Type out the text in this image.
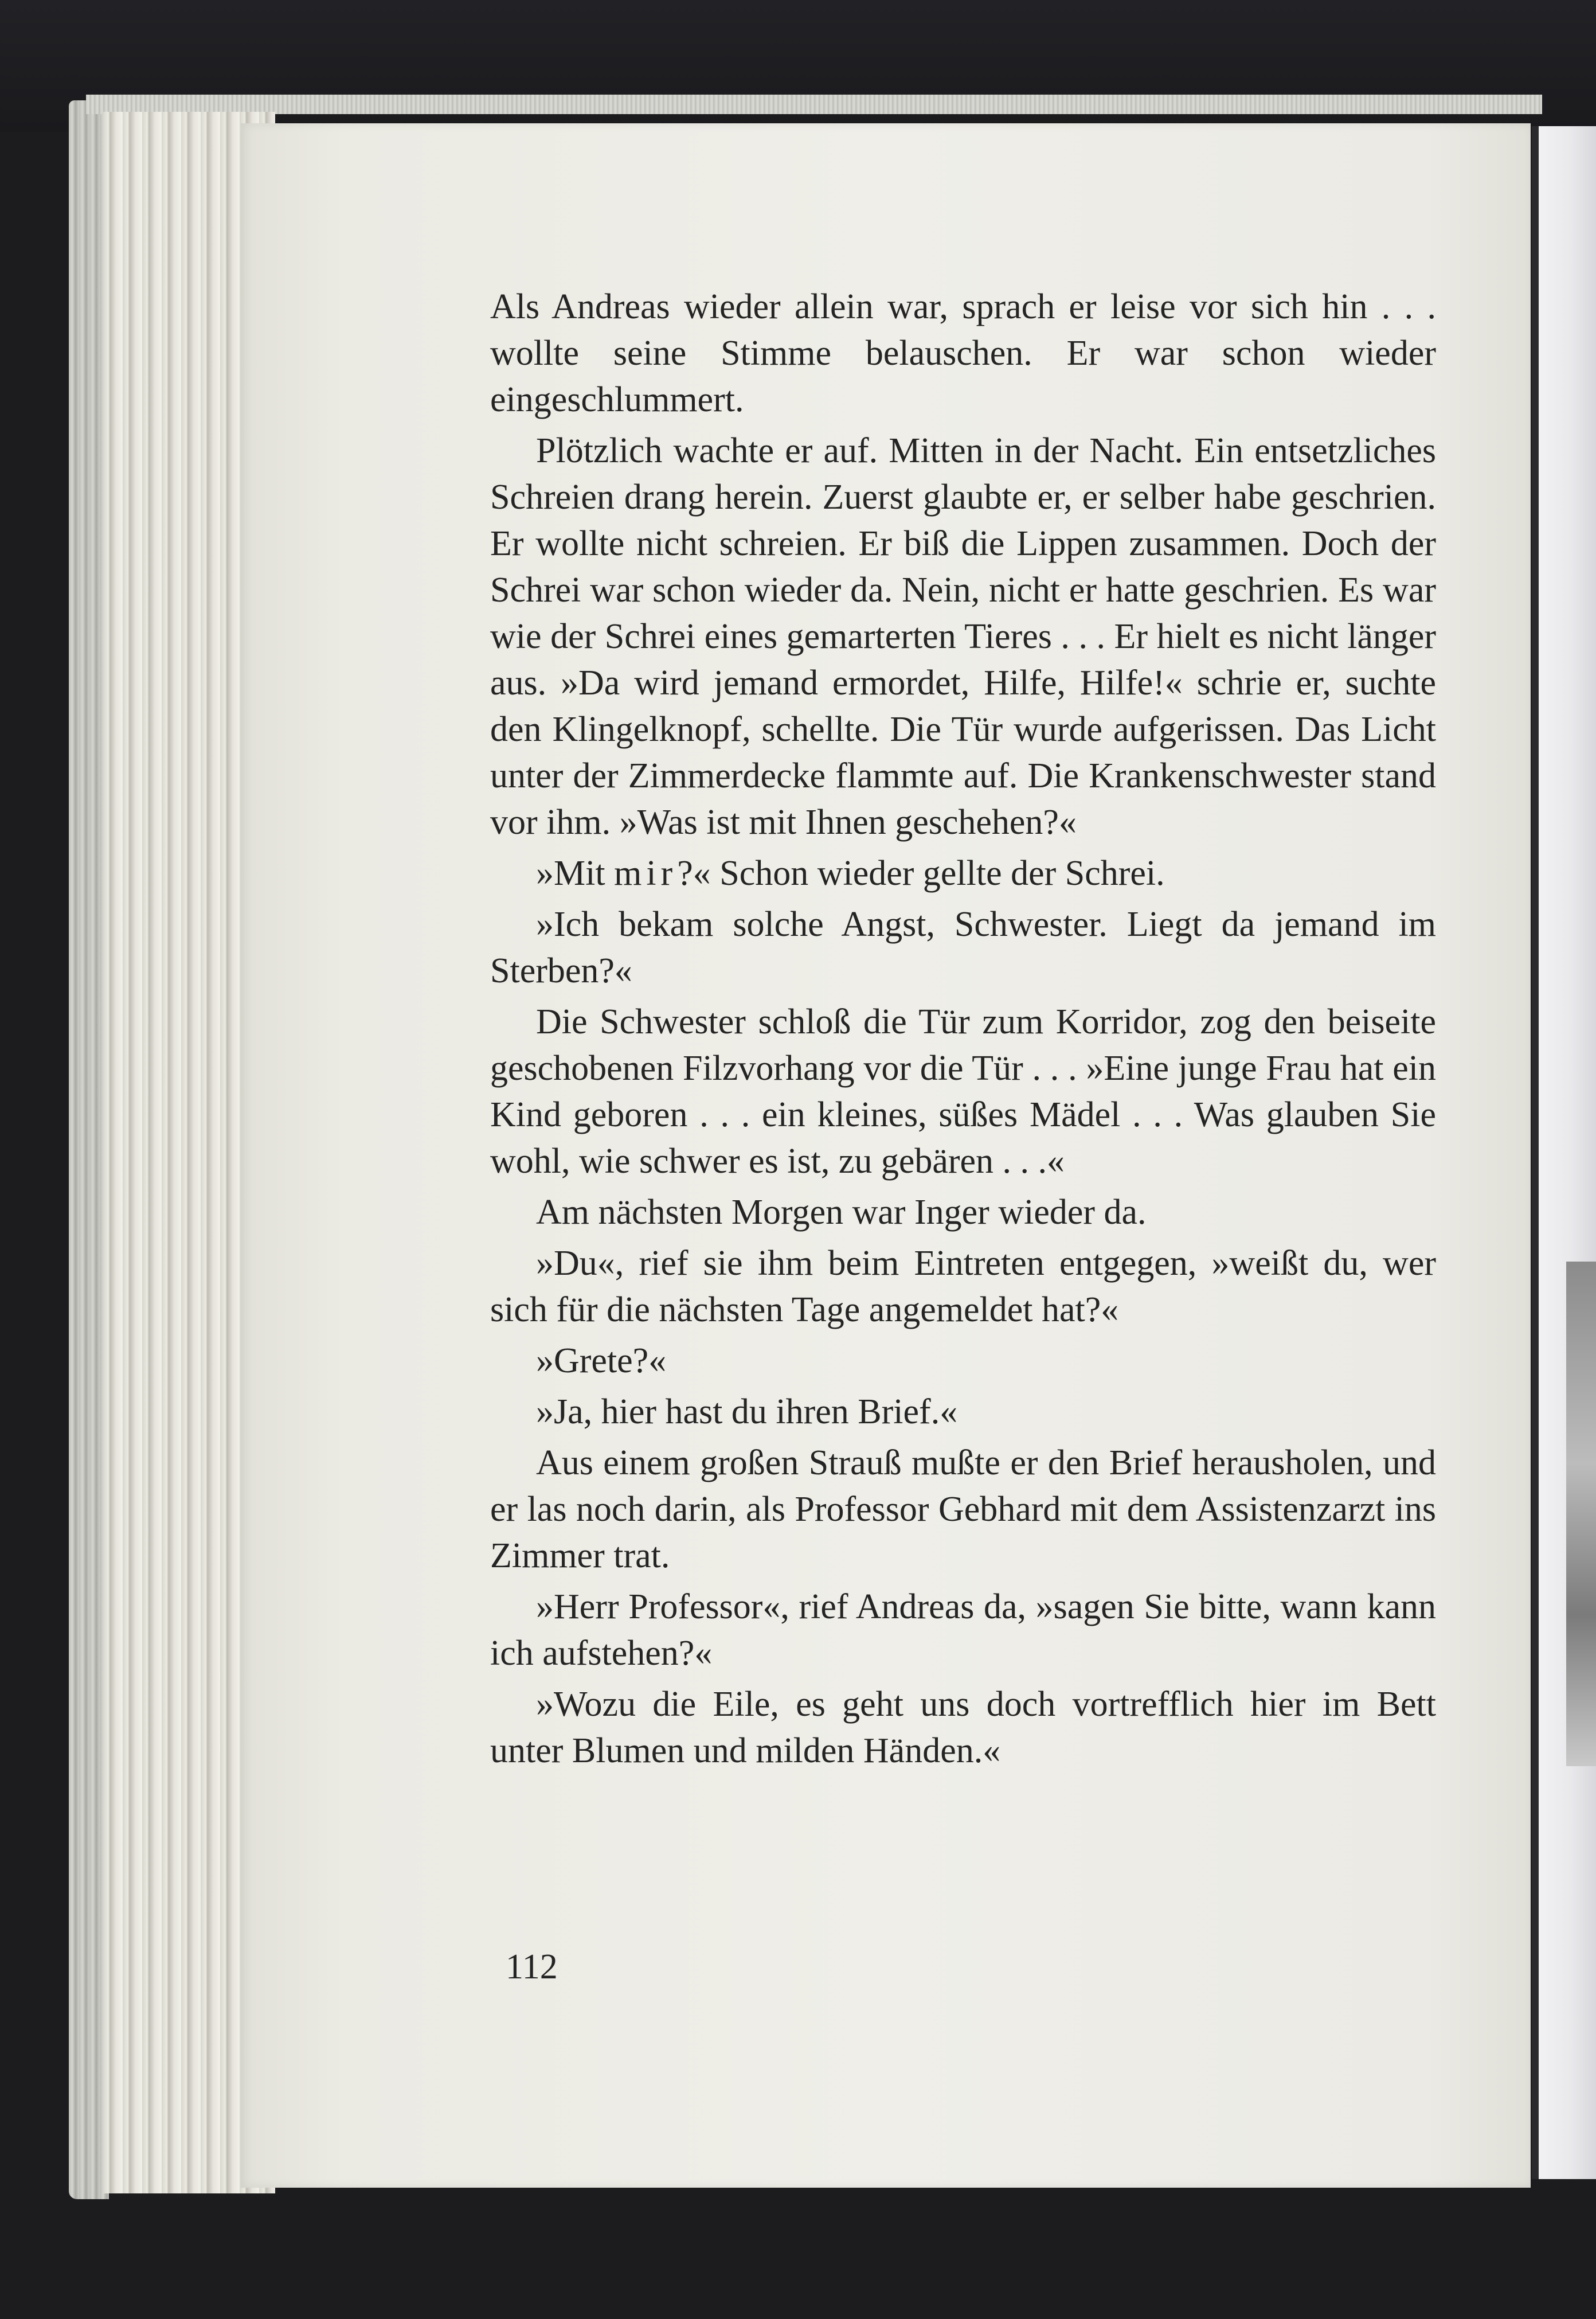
Als Andreas wieder allein war, sprach er leise vor sich hin . . . wollte seine Stimme belauschen. Er war schon wieder eingeschlummert.

Plötzlich wachte er auf. Mitten in der Nacht. Ein entsetzliches Schreien drang herein. Zuerst glaubte er, er selber habe geschrien. Er wollte nicht schreien. Er biß die Lippen zusammen. Doch der Schrei war schon wieder da. Nein, nicht er hatte geschrien. Es war wie der Schrei eines gemarterten Tieres . . . Er hielt es nicht länger aus. »Da wird jemand ermordet, Hilfe, Hilfe!« schrie er, suchte den Klingelknopf, schellte. Die Tür wurde aufgerissen. Das Licht unter der Zimmerdecke flammte auf. Die Krankenschwester stand vor ihm. »Was ist mit Ihnen geschehen?«

»Mit mir?« Schon wieder gellte der Schrei.

»Ich bekam solche Angst, Schwester. Liegt da jemand im Sterben?«

Die Schwester schloß die Tür zum Korridor, zog den beiseite geschobenen Filzvorhang vor die Tür . . . »Eine junge Frau hat ein Kind geboren . . . ein kleines, süßes Mädel . . . Was glauben Sie wohl, wie schwer es ist, zu gebären . . .«

Am nächsten Morgen war Inger wieder da.

»Du«, rief sie ihm beim Eintreten entgegen, »weißt du, wer sich für die nächsten Tage angemeldet hat?«

»Grete?«

»Ja, hier hast du ihren Brief.«

Aus einem großen Strauß mußte er den Brief herausholen, und er las noch darin, als Professor Gebhard mit dem Assistenzarzt ins Zimmer trat.

»Herr Professor«, rief Andreas da, »sagen Sie bitte, wann kann ich aufstehen?«

»Wozu die Eile, es geht uns doch vortrefflich hier im Bett unter Blumen und milden Händen.«

112
